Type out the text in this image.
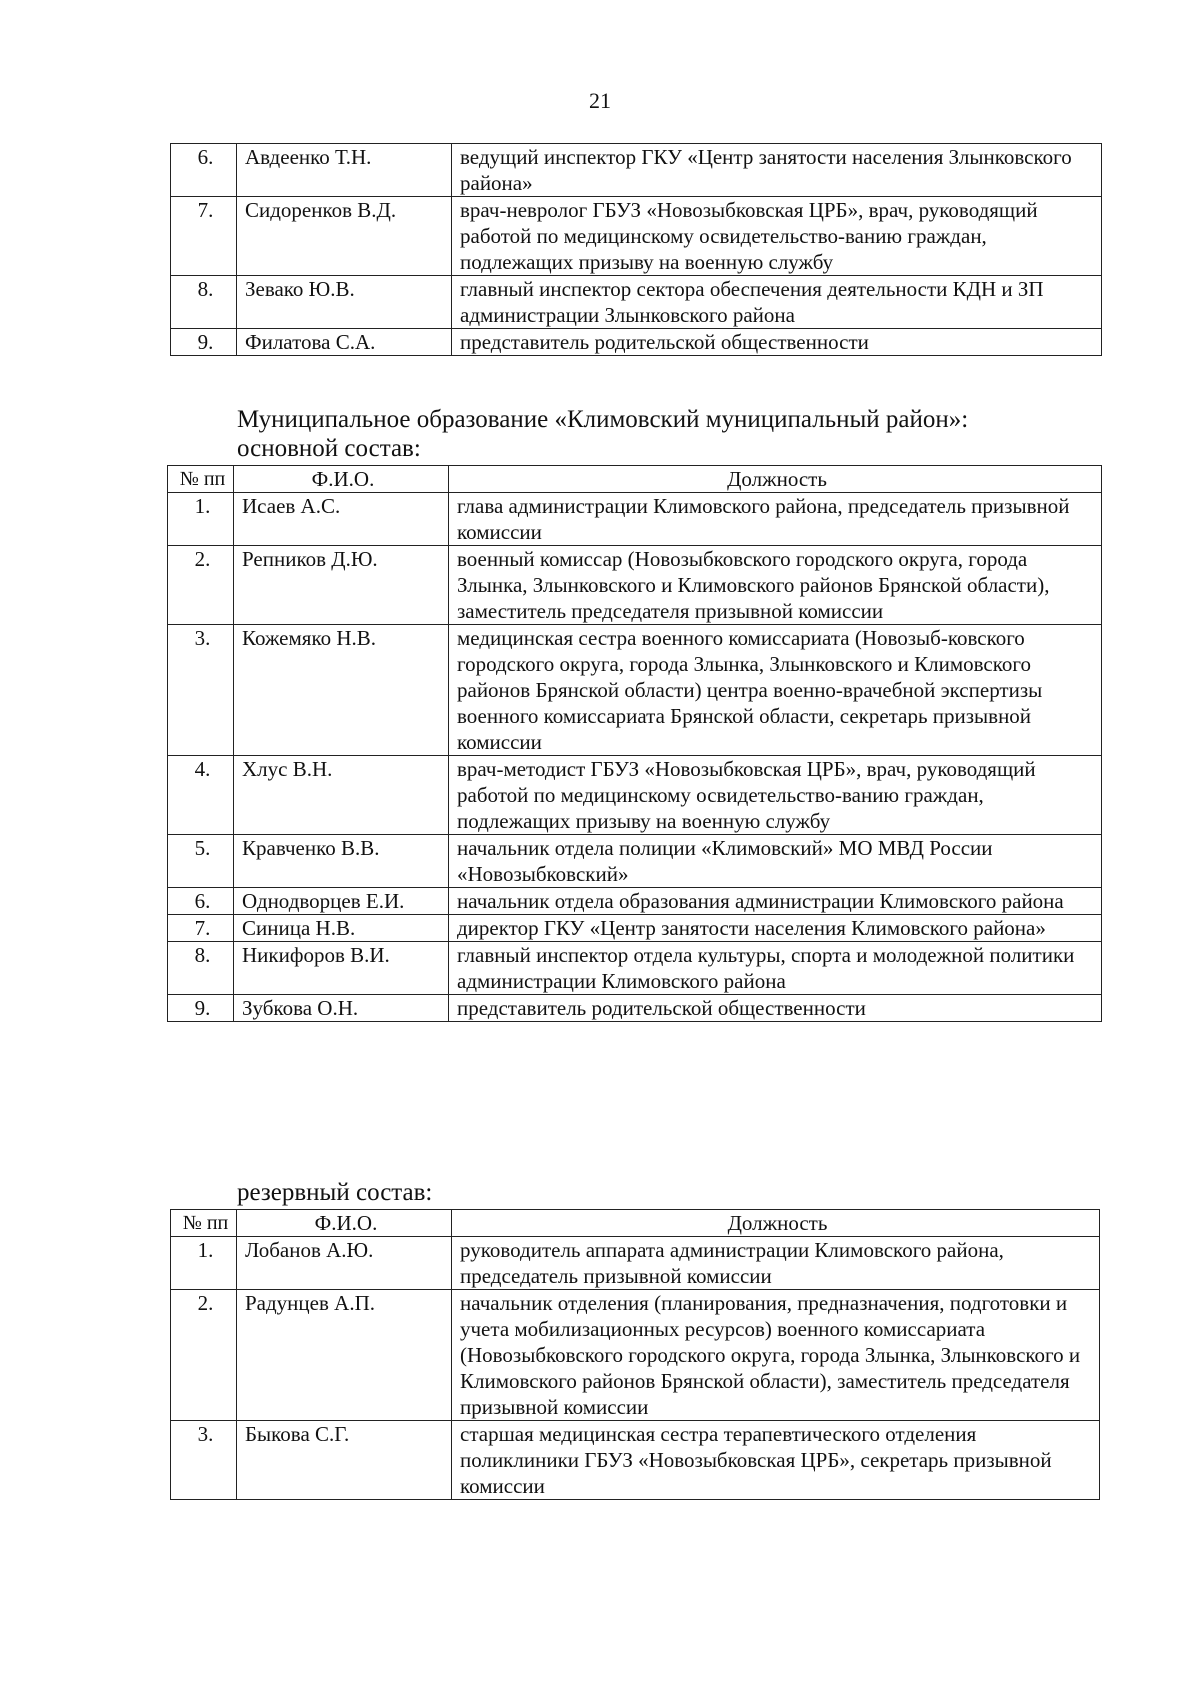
21
6.	Авдеенко Т.Н.	ведущий инспектор ГКУ «Центр занятости населения Злынковского района»
7.	Сидоренков В.Д.	врач-невролог ГБУЗ «Новозыбковская ЦРБ», врач, руководящий работой по медицинскому освидетельство-ванию граждан, подлежащих призыву на военную службу
8.	Зевако Ю.В.	главный инспектор сектора обеспечения деятельности КДН и ЗП администрации Злынковского района
9.	Филатова С.А.	представитель родительской общественности
Муниципальное образование «Климовский муниципальный район»:
основной состав:
№ пп	Ф.И.О.	Должность
1.	Исаев А.С.	глава администрации Климовского района, председатель призывной комиссии
2.	Репников Д.Ю.	военный комиссар (Новозыбковского городского округа, города Злынка, Злынковского и Климовского районов Брянской области), заместитель председателя призывной комиссии
3.	Кожемяко Н.В.	медицинская сестра военного комиссариата (Новозыб-ковского городского округа, города Злынка, Злынковского и Климовского районов Брянской области) центра военно-врачебной экспертизы военного комиссариата Брянской области, секретарь призывной комиссии
4.	Хлус В.Н.	врач-методист ГБУЗ «Новозыбковская ЦРБ», врач, руководящий работой по медицинскому освидетельство-ванию граждан, подлежащих призыву на военную службу
5.	Кравченко В.В.	начальник отдела полиции «Климовский» МО МВД России «Новозыбковский»
6.	Однодворцев Е.И.	начальник отдела образования администрации Климовского района
7.	Синица Н.В.	директор ГКУ «Центр занятости населения Климовского района»
8.	Никифоров В.И.	главный инспектор отдела культуры, спорта и молодежной политики администрации Климовского района
9.	Зубкова О.Н.	представитель родительской общественности
резервный состав:
№ пп	Ф.И.О.	Должность
1.	Лобанов А.Ю.	руководитель аппарата администрации Климовского района, председатель призывной комиссии
2.	Радунцев А.П.	начальник отделения (планирования, предназначения, подготовки и учета мобилизационных ресурсов) военного комиссариата (Новозыбковского городского округа, города Злынка, Злынковского и Климовского районов Брянской области), заместитель председателя призывной комиссии
3.	Быкова С.Г.	старшая медицинская сестра терапевтического отделения поликлиники ГБУЗ «Новозыбковская ЦРБ», секретарь призывной комиссии
